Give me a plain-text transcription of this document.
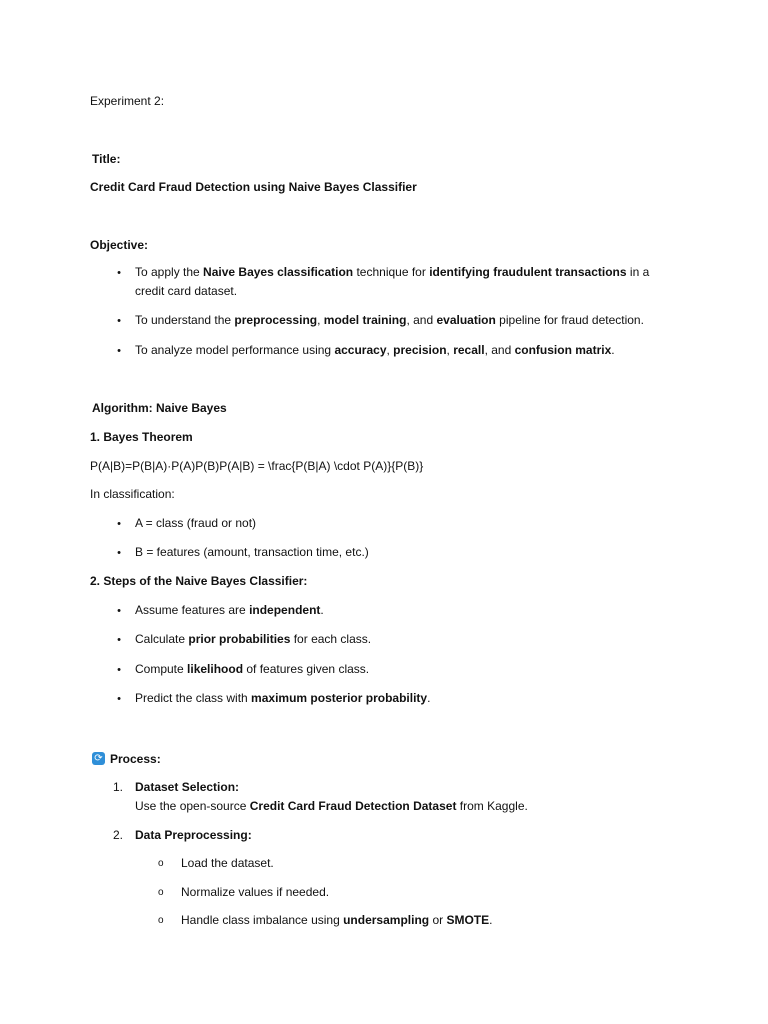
Experiment 2:
Title:
Credit Card Fraud Detection using Naive Bayes Classifier
Objective:
• To apply the Naive Bayes classification technique for identifying fraudulent transactions in a
credit card dataset.
• To understand the preprocessing, model training, and evaluation pipeline for fraud detection.
• To analyze model performance using accuracy, precision, recall, and confusion matrix.
Algorithm: Naive Bayes
1. Bayes Theorem
P(A|B)=P(B|A)·P(A)P(B)P(A|B) = \frac{P(B|A) \cdot P(A)}{P(B)}
In classification:
• A = class (fraud or not)
• B = features (amount, transaction time, etc.)
2. Steps of the Naive Bayes Classifier:
• Assume features are independent.
• Calculate prior probabilities for each class.
• Compute likelihood of features given class.
• Predict the class with maximum posterior probability.
⟳ Process:
1. Dataset Selection:
Use the open-source Credit Card Fraud Detection Dataset from Kaggle.
2. Data Preprocessing:
o Load the dataset.
o Normalize values if needed.
o Handle class imbalance using undersampling or SMOTE.
